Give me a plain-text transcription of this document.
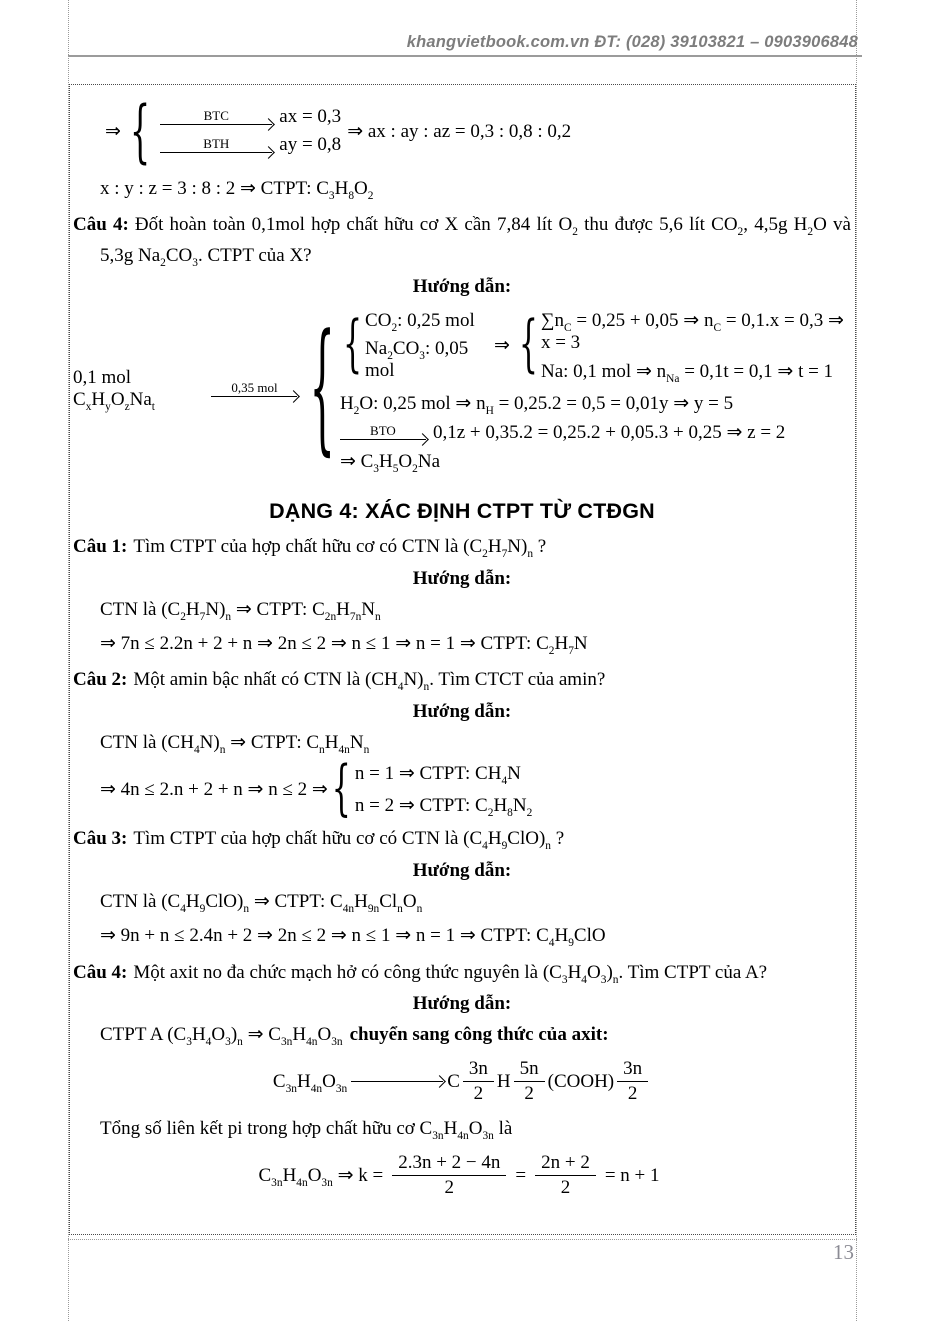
khangvietbook.com.vn ĐT: (028) 39103821 – 0903906848
⇒ {	BTC	ax = 0,3
BTH	ay = 0,8
⇒ ax : ay : az = 0,3 : 0,8 : 0,2
x : y : z = 3 : 8 : 2 ⇒ CTPT: $C_3H_8O_2$

Câu 4: Đốt hoàn toàn 0,1mol hợp chất hữu cơ X cần 7,84 lít $O_2$ thu được 5,6 lít $CO_2$, 4,5g $H_2O$ và 5,3g $Na_2CO_3$. CTPT của X?

Hướng dẫn:
0,1 mol $C_xH_yO_zNa_t$
0,35 mol { { $CO_2$: 0,25 mol
$Na_2CO_3$: 0,05 mol
⇒ { $\sum n_C = 0,25 + 0,05$ ⇒ $n_C = 0,1.x = 0,3$ ⇒ x = 3
Na: 0,1 mol ⇒ $n_{Na} = 0,1t = 0,1$ ⇒ t = 1
$H_2O$: 0,25 mol ⇒ $n_H = 0,25.2 = 0,5 = 0,01y$ ⇒ y = 5
BTO 0,1z + 0,35.2 = 0,25.2 + 0,05.3 + 0,25 ⇒ z = 2
⇒ $C_3H_5O_2Na$
DẠNG 4: XÁC ĐỊNH CTPT TỪ CTĐGN

Câu 1: Tìm CTPT của hợp chất hữu cơ có CTN là $(C_2H_7N)_n$ ?

Hướng dẫn:
CTN là $(C_2H_7N)_n$ ⇒ CTPT: $C_{2n}H_{7n}N_n$
⇒ 7n ≤ 2.2n + 2 + n ⇒ 2n ≤ 2 ⇒ n ≤ 1 ⇒ n = 1 ⇒ CTPT: $C_2H_7N$

Câu 2: Một amin bậc nhất có CTN là $(CH_4N)_n$. Tìm CTCT của amin?

Hướng dẫn:
CTN là $(CH_4N)_n$ ⇒ CTPT: $C_nH_{4n}N_n$
⇒ 4n ≤ 2.n + 2 + n ⇒ n ≤ 2 ⇒ { n = 1 ⇒ CTPT: $CH_4N$
n = 2 ⇒ CTPT: $C_2H_8N_2$

Câu 3: Tìm CTPT của hợp chất hữu cơ có CTN là $(C_4H_9ClO)_n$ ?

Hướng dẫn:
CTN là $(C_4H_9ClO)_n$ ⇒ CTPT: $C_{4n}H_{9n}Cl_nO_n$
⇒ 9n + n ≤ 2.4n + 2 ⇒ 2n ≤ 2 ⇒ n ≤ 1 ⇒ n = 1 ⇒ CTPT: $C_4H_9ClO$

Câu 4: Một axit no đa chức mạch hở có công thức nguyên là $(C_3H_4O_3)_n$. Tìm CTPT của A?

Hướng dẫn:
CTPT A $(C_3H_4O_3)_n$ ⇒ $C_{3n}H_{4n}O_{3n}$ chuyển sang công thức của axit:
$C_{3n}H_{4n}O_{3n}$	C $\frac{3n}{2}$ H $\frac{5n}{2}$ (COOH) $\frac{3n}{2}$
Tổng số liên kết pi trong hợp chất hữu cơ $C_{3n}H_{4n}O_{3n}$ là
$C_{3n}H_{4n}O_{3n}$ ⇒ $k = \frac{2.3n + 2 - 4n}{2} = \frac{2n + 2}{2} = n + 1$
13
